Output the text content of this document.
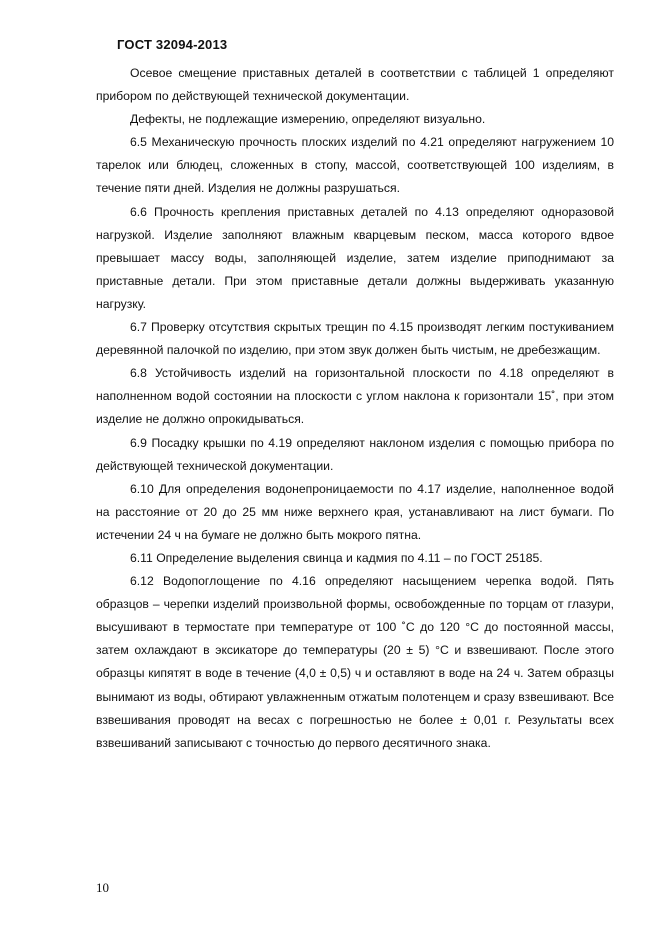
ГОСТ 32094-2013

Осевое смещение приставных деталей в соответствии с таблицей 1 определяют прибором по действующей технической документации.

Дефекты, не подлежащие измерению, определяют визуально.

6.5 Механическую прочность плоских изделий по 4.21 определяют нагружением 10 тарелок или блюдец, сложенных в стопу, массой, соответствующей 100 изделиям, в течение пяти дней. Изделия не должны разрушаться.

6.6 Прочность крепления приставных деталей по 4.13 определяют одноразовой нагрузкой. Изделие заполняют влажным кварцевым песком, масса которого вдвое превышает массу воды, заполняющей изделие, затем изделие приподнимают за приставные детали. При этом приставные детали должны выдерживать указанную нагрузку.

6.7 Проверку отсутствия скрытых трещин по 4.15 производят легким постукиванием деревянной палочкой по изделию, при этом звук должен быть чистым, не дребезжащим.

6.8 Устойчивость изделий на горизонтальной плоскости по 4.18 определяют в наполненном водой состоянии на плоскости с углом наклона к горизонтали 15˚, при этом изделие не должно опрокидываться.

6.9 Посадку крышки по 4.19 определяют наклоном изделия с помощью прибора по действующей технической документации.

6.10 Для определения водонепроницаемости по 4.17 изделие, наполненное водой на расстояние от 20 до 25 мм ниже верхнего края, устанавливают на лист бумаги. По истечении 24 ч на бумаге не должно быть мокрого пятна.

6.11 Определение выделения свинца и кадмия по 4.11 – по ГОСТ 25185.

6.12 Водопоглощение по 4.16 определяют насыщением черепка водой. Пять образцов – черепки изделий произвольной формы, освобожденные по торцам от глазури, высушивают в термостате при температуре от 100 ˚С до 120 °С до постоянной массы, затем охлаждают в эксикаторе до температуры (20 ± 5) °С и взвешивают. После этого образцы кипятят в воде в течение (4,0 ± 0,5) ч и оставляют в воде на 24 ч. Затем образцы вынимают из воды, обтирают увлажненным отжатым полотенцем и сразу взвешивают. Все взвешивания проводят на весах с погрешностью не более ± 0,01 г. Результаты всех взвешиваний записывают с точностью до первого десятичного знака.

10
